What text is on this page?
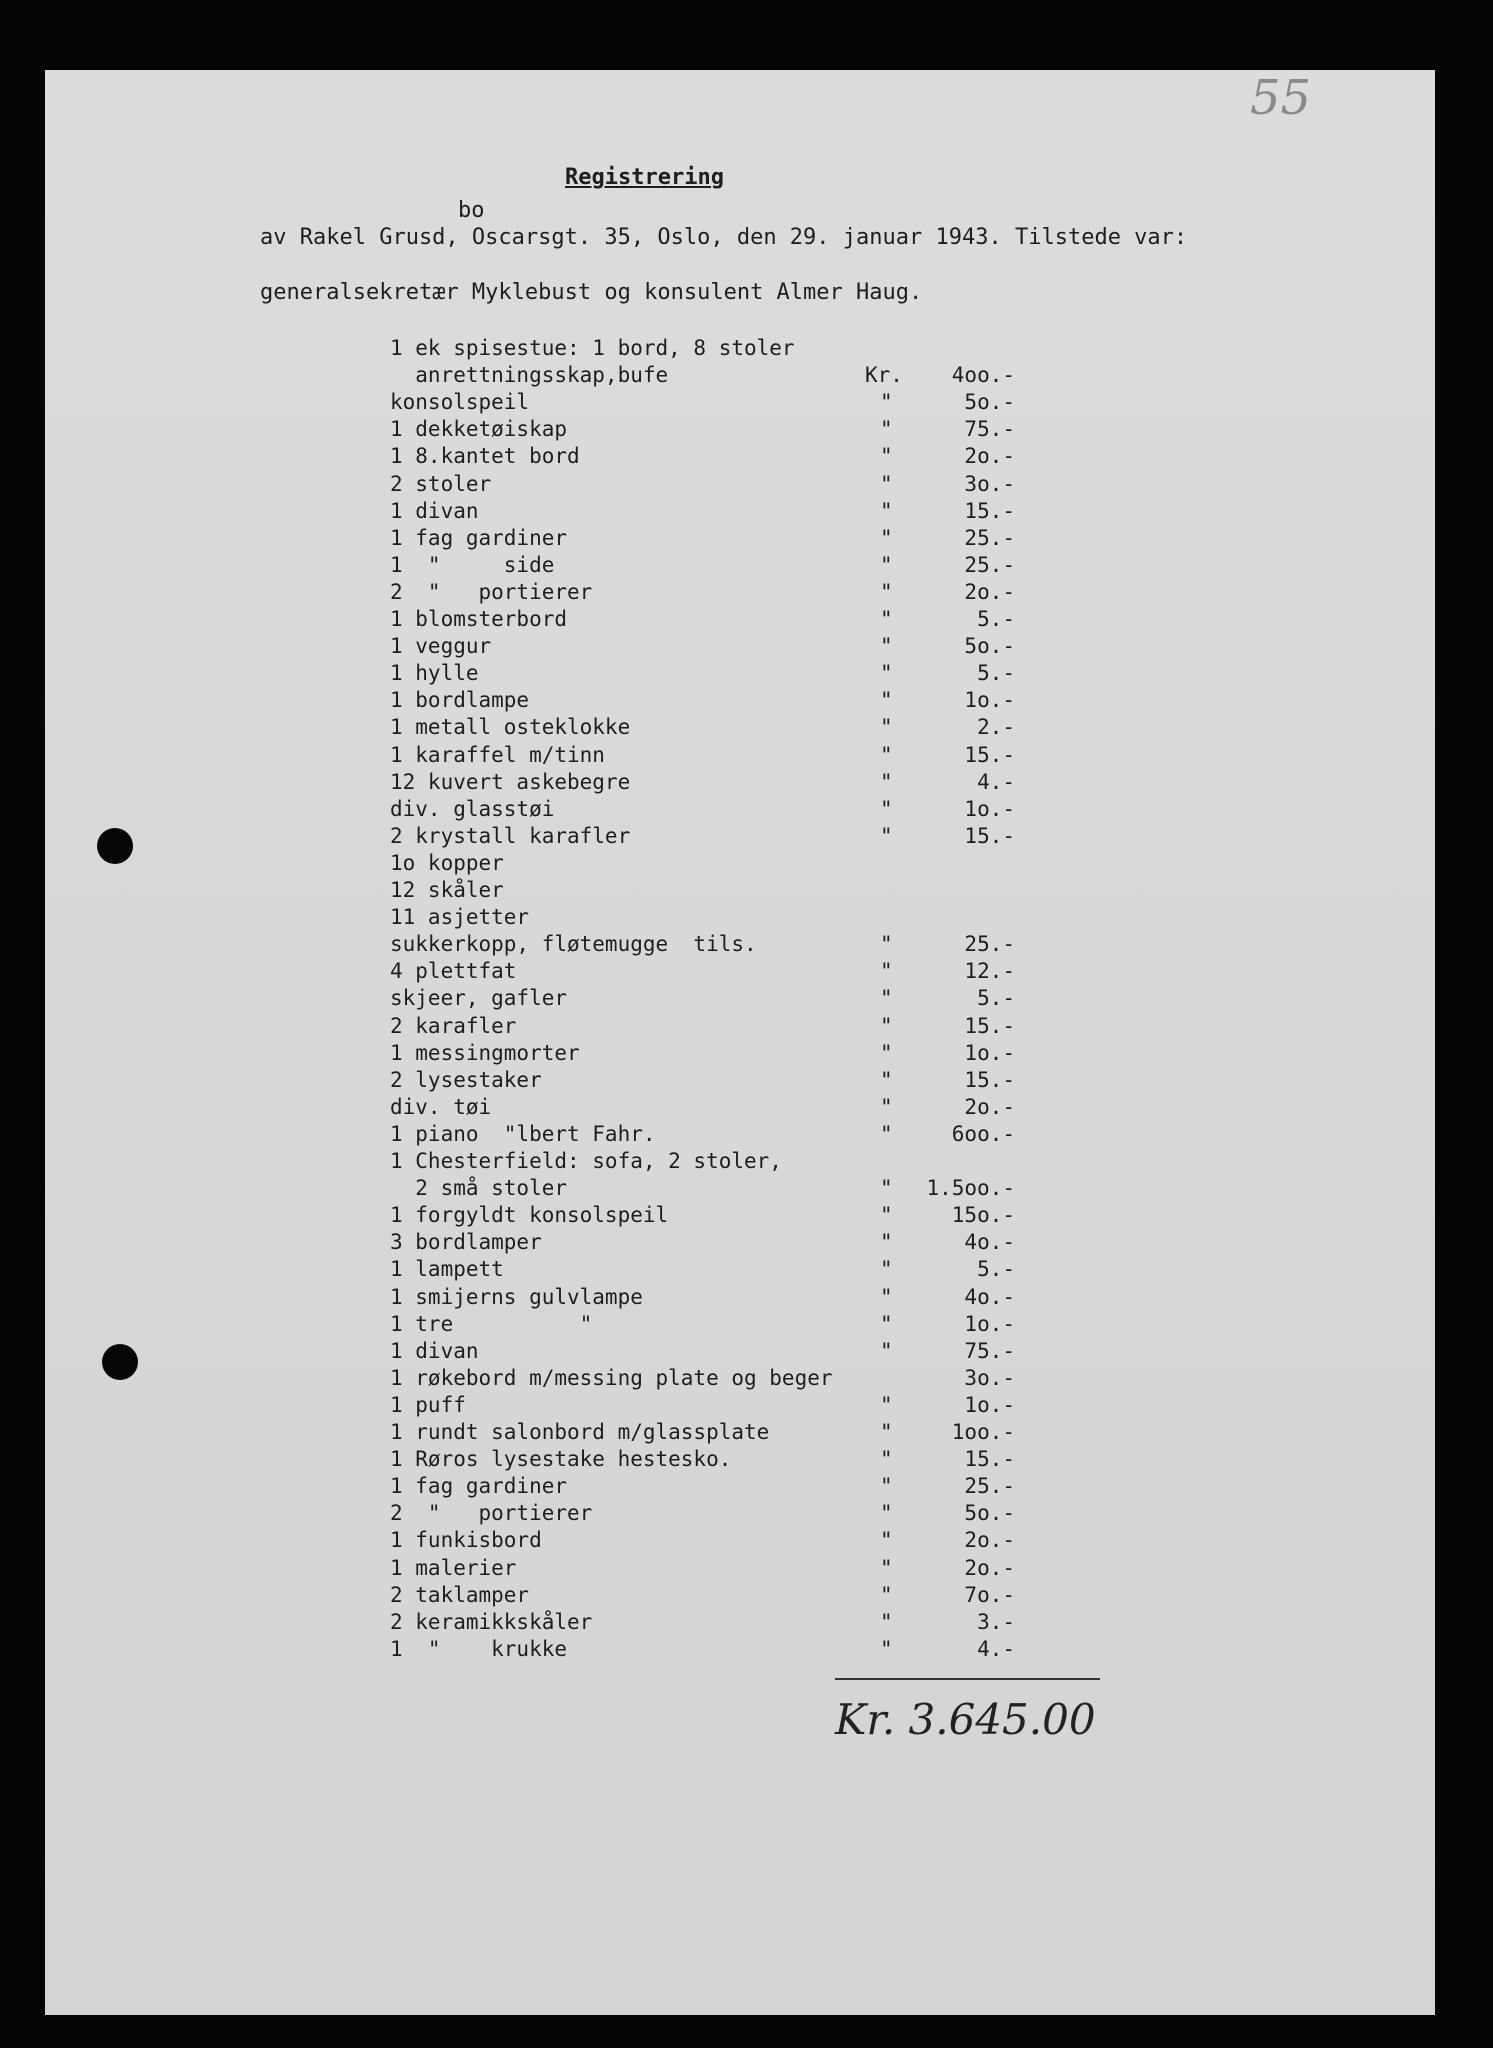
55
Registrering
bo
av Rakel Grusd, Oscarsgt. 35, Oslo, den 29. januar 1943. Tilstede var:
generalsekretær Myklebust og konsulent Almer Haug.
1 ek spisestue: 1 bord, 8 stoler
anrettningsskap,bufe	Kr.	4oo.-
konsolspeil	"	5o.-
1 dekketøiskap	"	75.-
1 8.kantet bord	"	2o.-
2 stoler	"	3o.-
1 divan	"	15.-
1 fag gardiner	"	25.-
1  "     side	"	25.-
2  "   portierer	"	2o.-
1 blomsterbord	"	5.-
1 veggur	"	5o.-
1 hylle	"	5.-
1 bordlampe	"	1o.-
1 metall osteklokke	"	2.-
1 karaffel m/tinn	"	15.-
12 kuvert askebegre	"	4.-
div. glasstøi	"	1o.-
2 krystall karafler	"	15.-
1o kopper
12 skåler
11 asjetter
sukkerkopp, fløtemugge  tils.	"	25.-
4 plettfat	"	12.-
skjeer, gafler	"	5.-
2 karafler	"	15.-
1 messingmorter	"	1o.-
2 lysestaker	"	15.-
div. tøi	"	2o.-
1 piano  "lbert Fahr.	"	6oo.-
1 Chesterfield: sofa, 2 stoler,
2 små stoler	"	1.5oo.-
1 forgyldt konsolspeil	"	15o.-
3 bordlamper	"	4o.-
1 lampett	"	5.-
1 smijerns gulvlampe	"	4o.-
1 tre          "	"	1o.-
1 divan	"	75.-
1 røkebord m/messing plate og beger	3o.-
1 puff	"	1o.-
1 rundt salonbord m/glassplate	"	1oo.-
1 Røros lysestake hestesko.	"	15.-
1 fag gardiner	"	25.-
2  "   portierer	"	5o.-
1 funkisbord	"	2o.-
1 malerier	"	2o.-
2 taklamper	"	7o.-
2 keramikkskåler	"	3.-
1  "    krukke	"	4.-
Kr. 3.645.00
